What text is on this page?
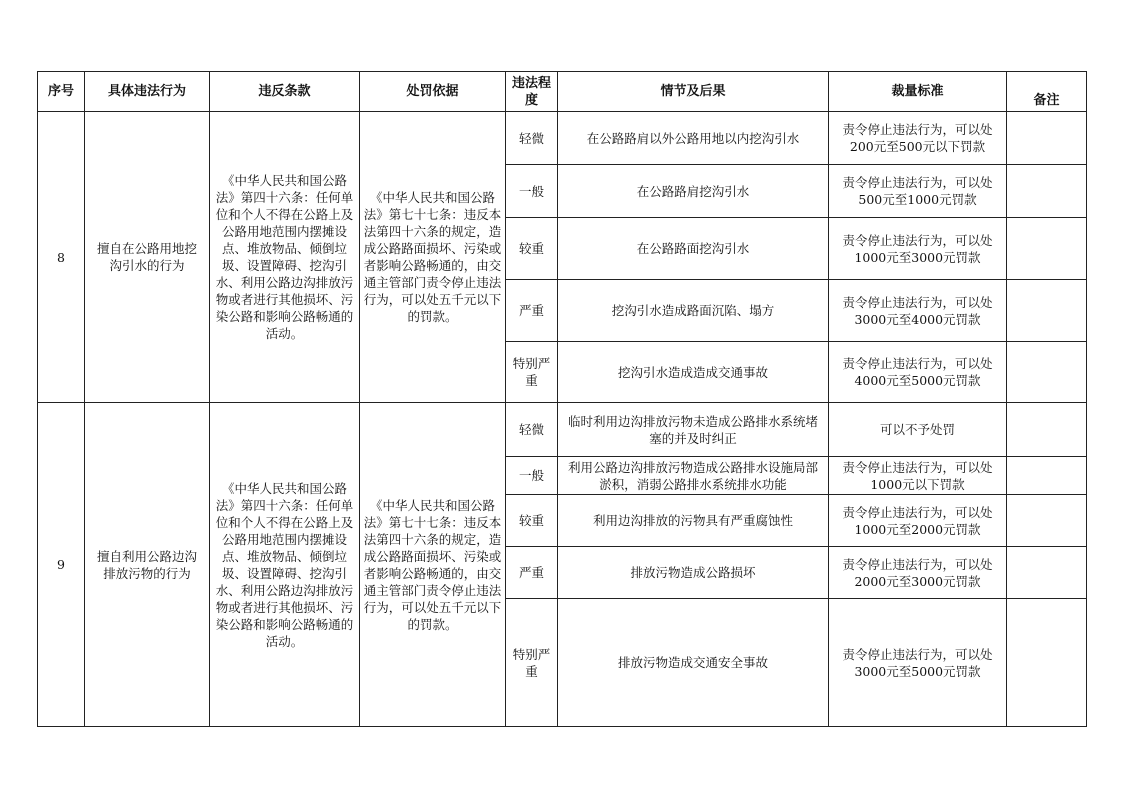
序号	具体违法行为	违反条款	处罚依据	违法程度	情节及后果	裁量标准	备注
8	擅自在公路用地挖沟引水的行为	《中华人民共和国公路法》第四十六条：任何单位和个人不得在公路上及公路用地范围内摆摊设点、堆放物品、倾倒垃圾、设置障碍、挖沟引水、利用公路边沟排放污物或者进行其他损坏、污染公路和影响公路畅通的活动。	《中华人民共和国公路法》第七十七条：违反本法第四十六条的规定，造成公路路面损坏、污染或者影响公路畅通的，由交通主管部门责令停止违法行为，可以处五千元以下的罚款。	轻微	在公路路肩以外公路用地以内挖沟引水	责令停止违法行为，可以处200元至500元以下罚款	
				一般	在公路路肩挖沟引水	责令停止违法行为，可以处500元至1000元罚款	
				较重	在公路路面挖沟引水	责令停止违法行为，可以处1000元至3000元罚款	
				严重	挖沟引水造成路面沉陷、塌方	责令停止违法行为，可以处3000元至4000元罚款	
				特别严重	挖沟引水造成造成交通事故	责令停止违法行为，可以处4000元至5000元罚款	
9	擅自利用公路边沟排放污物的行为	《中华人民共和国公路法》第四十六条：任何单位和个人不得在公路上及公路用地范围内摆摊设点、堆放物品、倾倒垃圾、设置障碍、挖沟引水、利用公路边沟排放污物或者进行其他损坏、污染公路和影响公路畅通的活动。	《中华人民共和国公路法》第七十七条：违反本法第四十六条的规定，造成公路路面损坏、污染或者影响公路畅通的，由交通主管部门责令停止违法行为，可以处五千元以下的罚款。	轻微	临时利用边沟排放污物未造成公路排水系统堵塞的并及时纠正	可以不予处罚	
				一般	利用公路边沟排放污物造成公路排水设施局部淤积，消弱公路排水系统排水功能	责令停止违法行为，可以处1000元以下罚款	
				较重	利用边沟排放的污物具有严重腐蚀性	责令停止违法行为，可以处1000元至2000元罚款	
				严重	排放污物造成公路损坏	责令停止违法行为，可以处2000元至3000元罚款	
				特别严重	排放污物造成交通安全事故	责令停止违法行为，可以处3000元至5000元罚款	
